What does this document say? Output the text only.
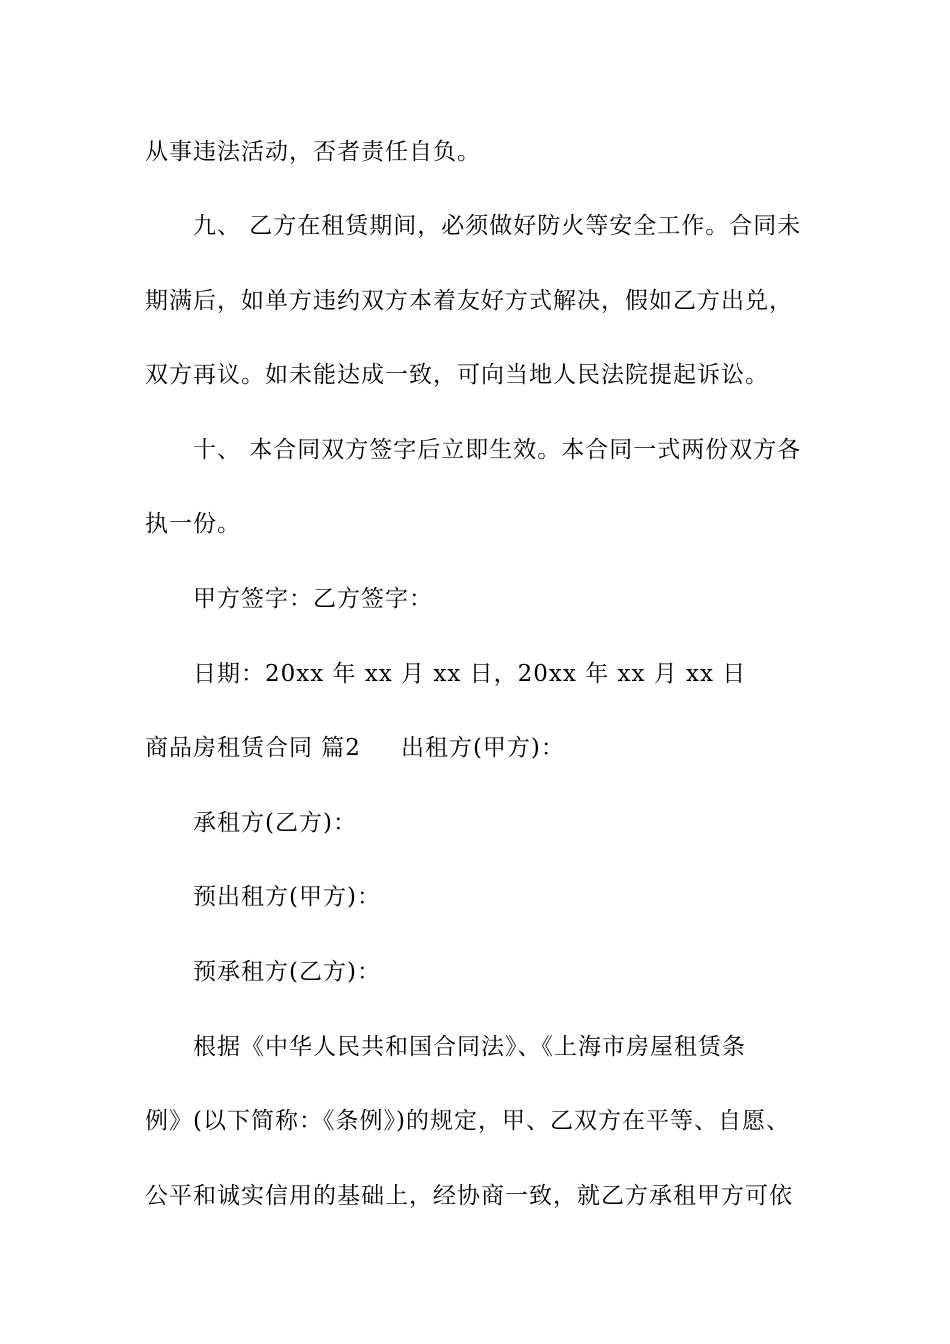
从事违法活动，否者责任自负。
九、 乙方在租赁期间，必须做好防火等安全工作。合同未
期满后，如单方违约双方本着友好方式解决，假如乙方出兑，
双方再议。如未能达成一致，可向当地人民法院提起诉讼。
十、 本合同双方签字后立即生效。本合同一式两份双方各
执一份。
甲方签字：乙方签字：
日期：20xx 年 xx 月 xx 日，20xx 年 xx 月 xx 日
商品房租赁合同 篇2 出租方(甲方)：
承租方(乙方)：
预出租方(甲方)：
预承租方(乙方)：
根据《中华人民共和国合同法》、《上海市房屋租赁条
例》(以下简称：《条例》)的规定，甲、乙双方在平等、自愿、
公平和诚实信用的基础上，经协商一致，就乙方承租甲方可依
